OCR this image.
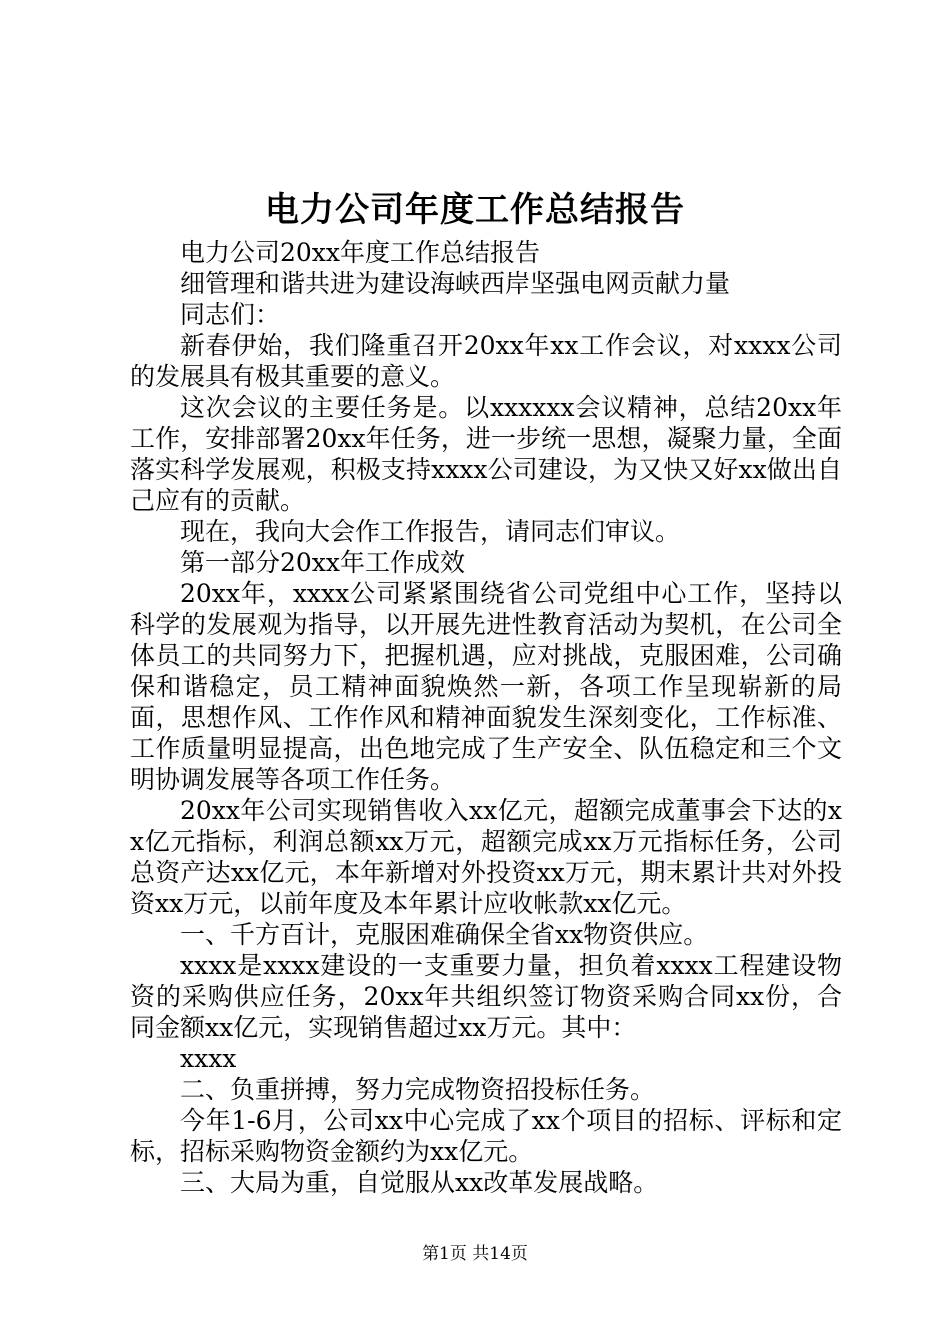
电力公司年度工作总结报告

电力公司20xx年度工作总结报告

细管理和谐共进为建设海峡西岸坚强电网贡献力量

同志们：

新春伊始，我们隆重召开20xx年xx工作会议，对xxxx公司的发展具有极其重要的意义。

这次会议的主要任务是。以xxxxxx会议精神，总结20xx年工作，安排部署20xx年任务，进一步统一思想，凝聚力量，全面落实科学发展观，积极支持xxxx公司建设，为又快又好xx做出自己应有的贡献。

现在，我向大会作工作报告，请同志们审议。

第一部分20xx年工作成效

20xx年，xxxx公司紧紧围绕省公司党组中心工作，坚持以科学的发展观为指导，以开展先进性教育活动为契机，在公司全体员工的共同努力下，把握机遇，应对挑战，克服困难，公司确保和谐稳定，员工精神面貌焕然一新，各项工作呈现崭新的局面，思想作风、工作作风和精神面貌发生深刻变化，工作标准、工作质量明显提高，出色地完成了生产安全、队伍稳定和三个文明协调发展等各项工作任务。

20xx年公司实现销售收入xx亿元，超额完成董事会下达的xx亿元指标，利润总额xx万元，超额完成xx万元指标任务，公司总资产达xx亿元，本年新增对外投资xx万元，期末累计共对外投资xx万元，以前年度及本年累计应收帐款xx亿元。

一、千方百计，克服困难确保全省xx物资供应。

xxxx是xxxx建设的一支重要力量，担负着xxxx工程建设物资的采购供应任务，20xx年共组织签订物资采购合同xx份，合同金额xx亿元，实现销售超过xx万元。其中：

xxxx

二、负重拼搏，努力完成物资招投标任务。

今年1-6月，公司xx中心完成了xx个项目的招标、评标和定标，招标采购物资金额约为xx亿元。

三、大局为重，自觉服从xx改革发展战略。

第1页 共14页
